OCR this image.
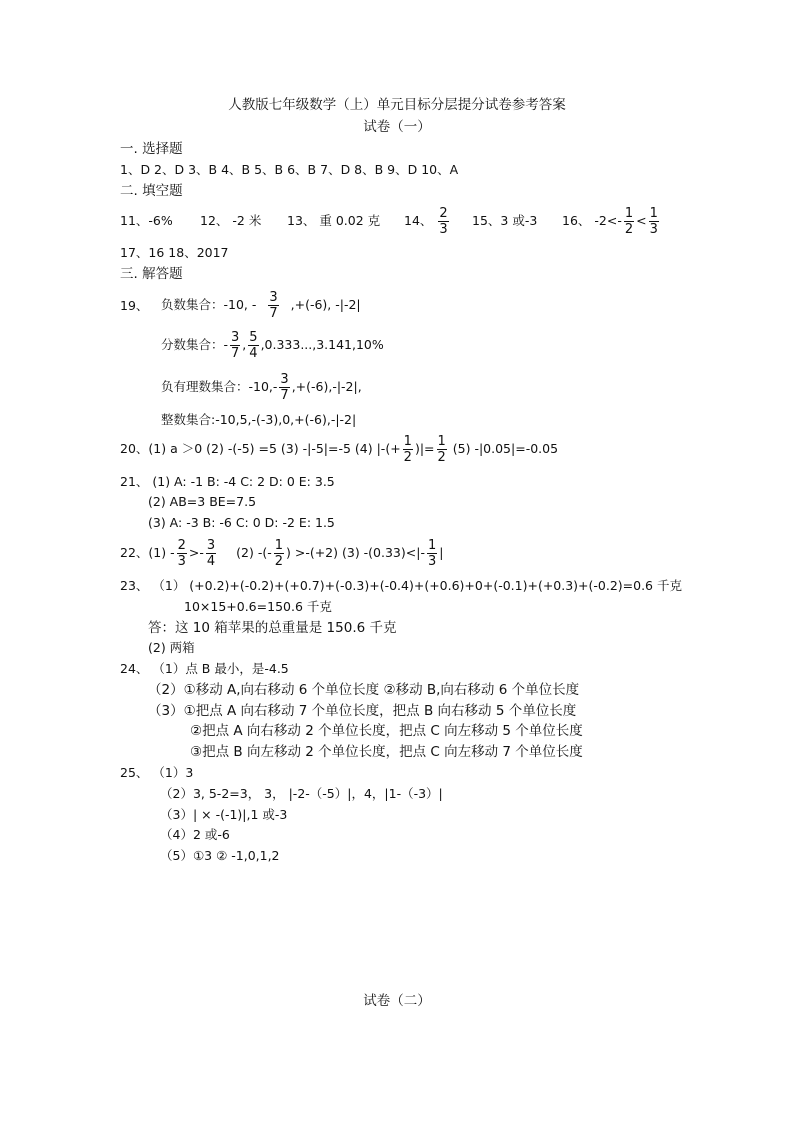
人教版七年级数学（上）单元目标分层提分试卷参考答案
试卷（一）
一. 选择题
1、D 2、D 3、B 4、B 5、B 6、B 7、D 8、B 9、D 10、A
二. 填空题
11、-6% 12、 -2 米 13、 重 0.02 克 14、 $\frac{2}{3} 15$、3 或-3 16、 $-2<- \frac{1}{2} < \frac{1}{3}$
17、16 18、2017
三. 解答题
19、 负数集合：-10, - $\frac{3}{7} ,+(-6)$, -|-2|
分数集合：- $\frac{3}{7}$ , $\frac{5}{4} ,0.333...,3.141,10\%$
负有理数集合：$-10,- \frac{3}{7} ,+(-6),-|-2|$,
整数集合:-10,5,-(-3),0,+(-6),-|-2|
20、(1) a ＞0 (2) -(-5) =5 (3) -|-5|=-5 (4) |-(+ $\frac{1}{2}$ )|= $\frac{1}{2} (5)$ -|0.05|=-0.05
21、 (1) A: -1 B: -4 C: 2 D: 0 E: 3.5
(2) AB=3 BE=7.5
(3) A: -3 B: -6 C: 0 D: -2 E: 1.5
22、$(1) - \frac{2}{3} >- \frac{3}{4} (2)$ -(- $\frac{1}{2}$ ) >-(+2) (3) $-(0.33)<|- \frac{1}{3}$ |
23、 （1） (+0.2)+(-0.2)+(+0.7)+(-0.3)+(-0.4)+(+0.6)+0+(-0.1)+(+0.3)+(-0.2)=0.6 千克
10×15+0.6=150.6 千克
答：这 10 箱苹果的总重量是 150.6 千克
(2) 两箱
24、 （1）点 B 最小，是-4.5
（2）①移动 A,向右移动 6 个单位长度 ②移动 B,向右移动 6 个单位长度
（3）①把点 A 向右移动 7 个单位长度，把点 B 向右移动 5 个单位长度
②把点 A 向右移动 2 个单位长度，把点 C 向左移动 5 个单位长度
③把点 B 向左移动 2 个单位长度，把点 C 向左移动 7 个单位长度
25、 （1）3
（2）3, 5-2=3， 3， |-2-（-5）|，4，|1-（-3）|
（3）| × -(-1)|,1 或-3
（4）2 或-6
（5）①3 ② -1,0,1,2
试卷（二）
